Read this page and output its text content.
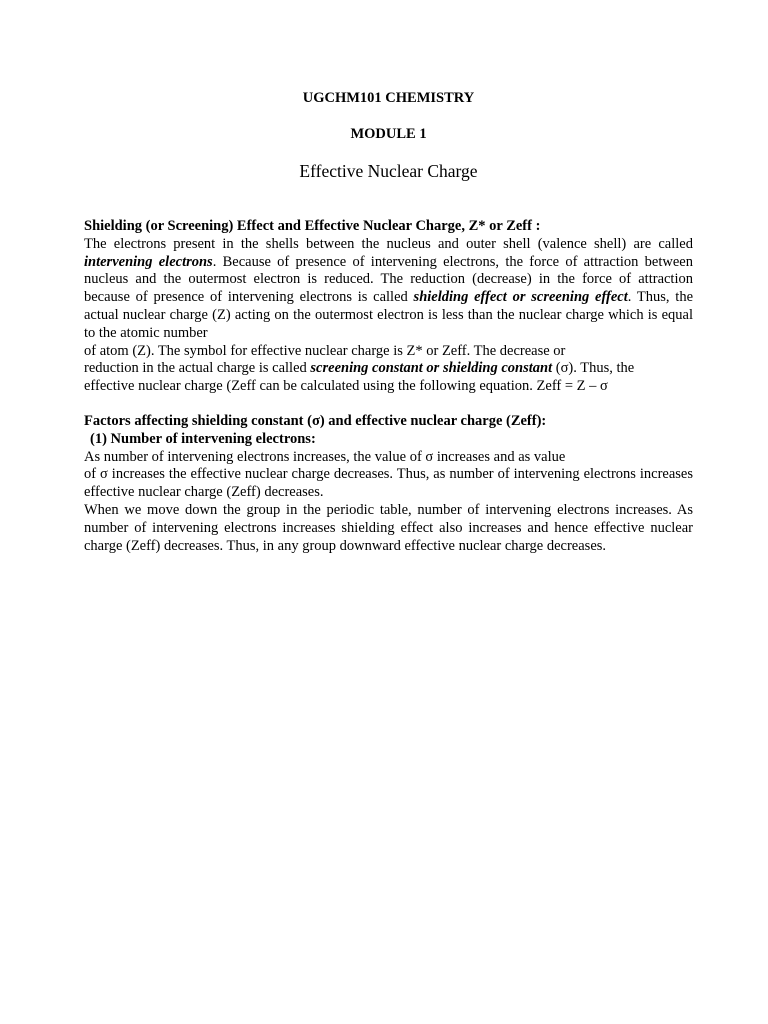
UGCHM101 CHEMISTRY
MODULE 1
Effective Nuclear Charge

Shielding (or Screening) Effect and Effective Nuclear Charge, Z* or Zeff :

The electrons present in the shells between the nucleus and outer shell (valence shell) are called intervening electrons. Because of presence of intervening electrons, the force of attraction between nucleus and the outermost electron is reduced. The reduction (decrease) in the force of attraction because of presence of intervening electrons is called shielding effect or screening effect. Thus, the actual nuclear charge (Z) acting on the outermost electron is less than the nuclear charge which is equal to the atomic number

of atom (Z). The symbol for effective nuclear charge is Z* or Zeff. The decrease or

reduction in the actual charge is called screening constant or shielding constant (σ). Thus, the

effective nuclear charge (Zeff can be calculated using the following equation. Zeff = Z – σ

Factors affecting shielding constant (σ) and effective nuclear charge (Zeff):

(1) Number of intervening electrons:

As number of intervening electrons increases, the value of σ increases and as value

of σ increases the effective nuclear charge decreases. Thus, as number of intervening electrons increases effective nuclear charge (Zeff) decreases.

When we move down the group in the periodic table, number of intervening electrons increases. As number of intervening electrons increases shielding effect also increases and hence effective nuclear charge (Zeff) decreases. Thus, in any group downward effective nuclear charge decreases.
